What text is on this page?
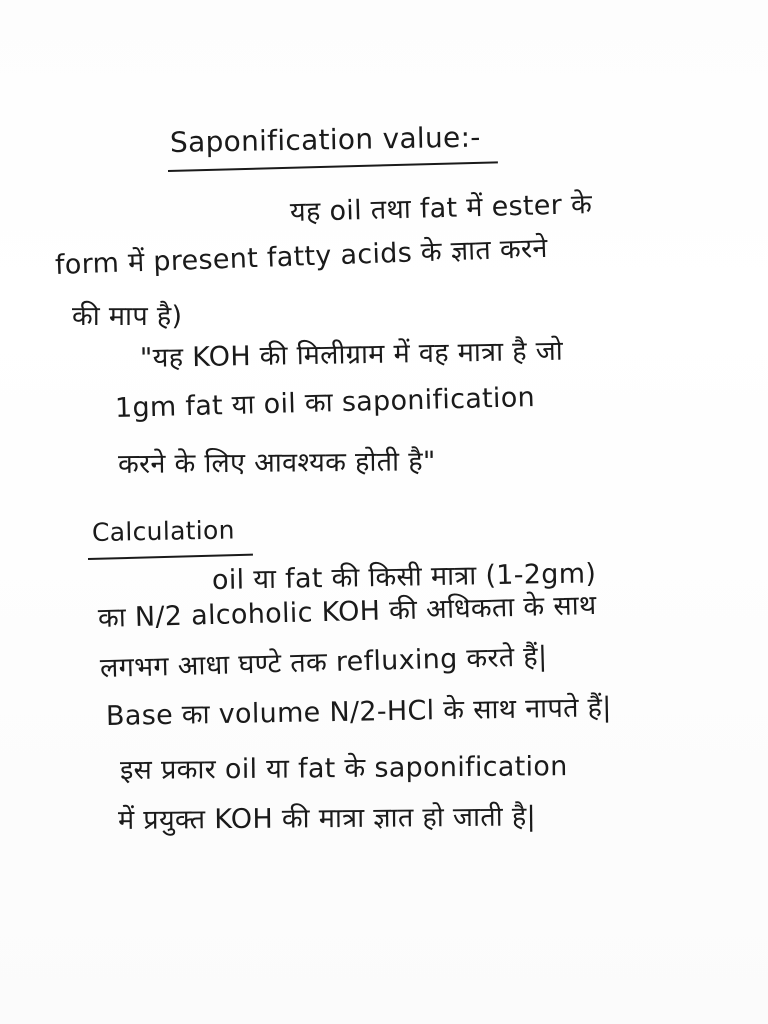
Saponification value:-
यह oil तथा fat में ester के
form में present fatty acids के ज्ञात करने
की माप है)
"यह KOH की मिलीग्राम में वह मात्रा है जो
1gm fat या oil का saponification
करने के लिए आवश्यक होती है"
Calculation
oil या fat की किसी मात्रा (1-2gm)
का N/2 alcoholic KOH की अधिकता के साथ
लगभग आधा घण्टे तक refluxing करते हैं|
Base का volume N/2-HCl के साथ नापते हैं|
इस प्रकार oil या fat के saponification
में प्रयुक्त KOH की मात्रा ज्ञात हो जाती है|
